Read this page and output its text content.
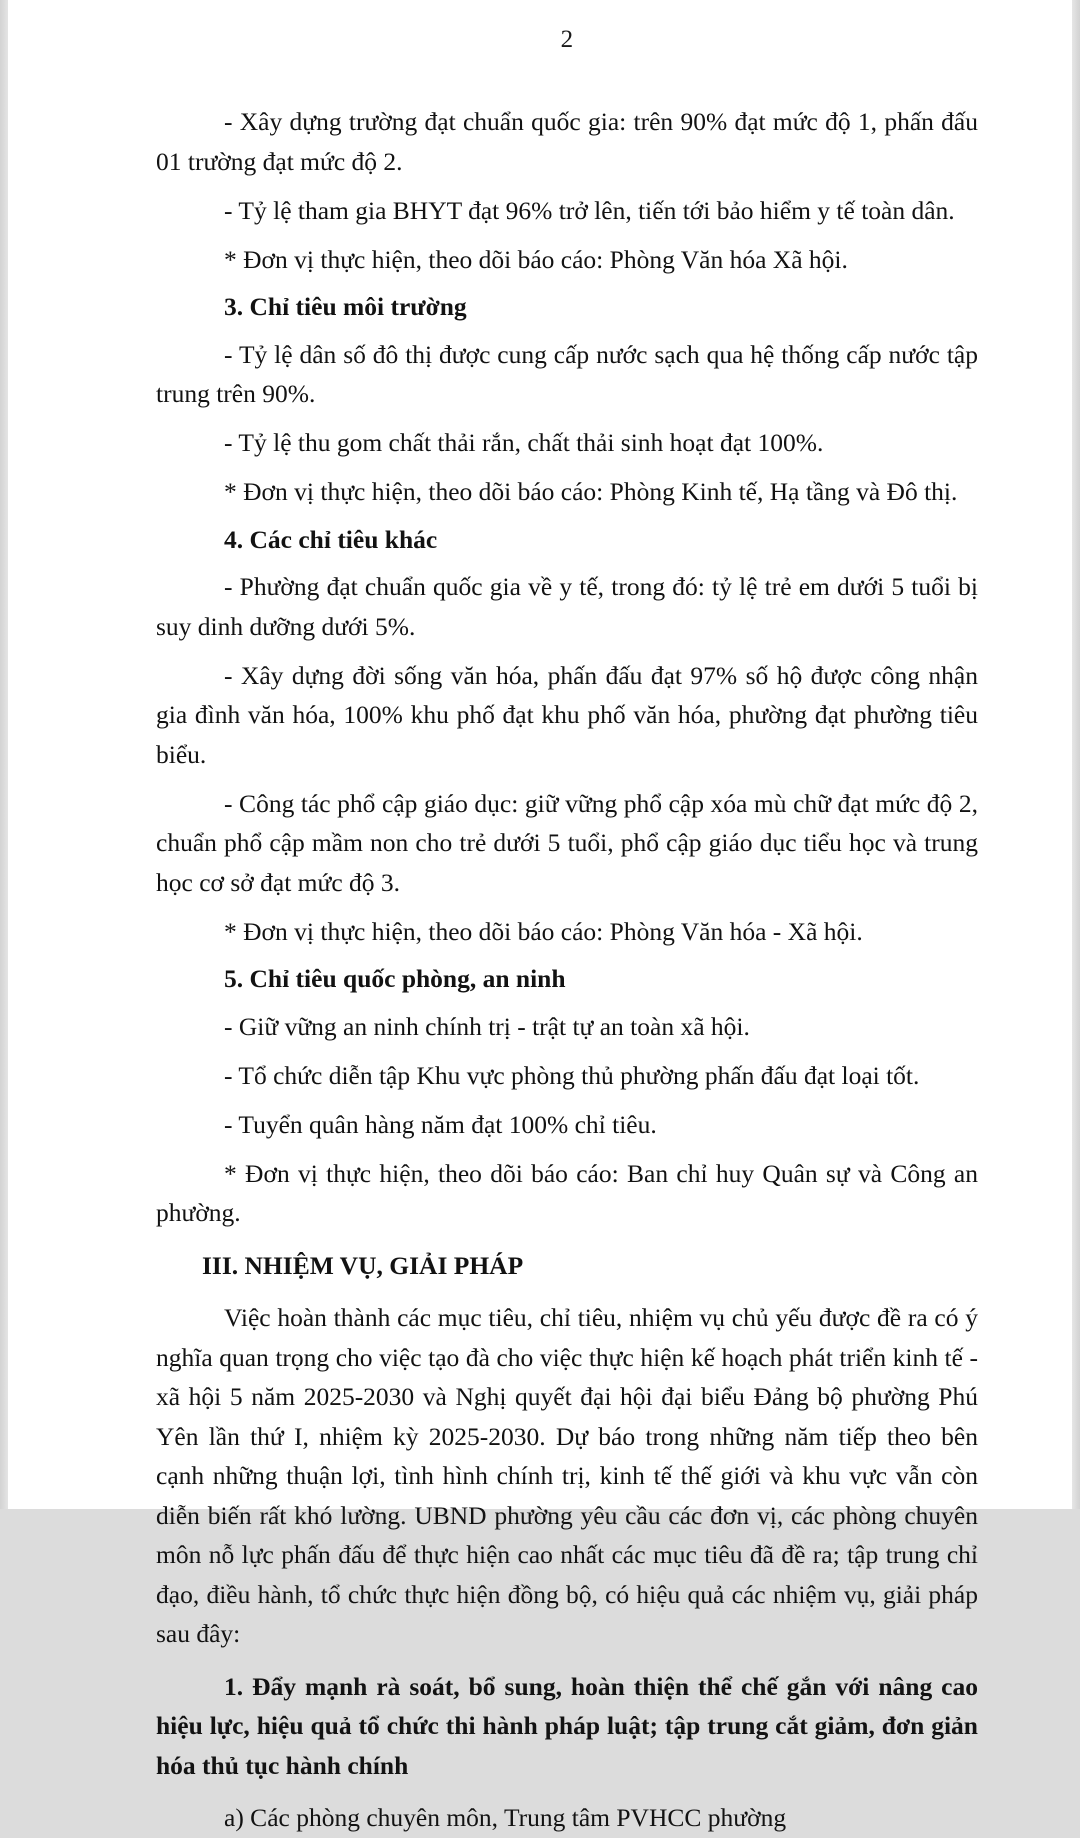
2

- Xây dựng trường đạt chuẩn quốc gia: trên 90% đạt mức độ 1, phấn đấu 01 trường đạt mức độ 2.

- Tỷ lệ tham gia BHYT đạt 96% trở lên, tiến tới bảo hiểm y tế toàn dân.

* Đơn vị thực hiện, theo dõi báo cáo: Phòng Văn hóa Xã hội.

3. Chỉ tiêu môi trường

- Tỷ lệ dân số đô thị được cung cấp nước sạch qua hệ thống cấp nước tập trung trên 90%.

- Tỷ lệ thu gom chất thải rắn, chất thải sinh hoạt đạt 100%.

* Đơn vị thực hiện, theo dõi báo cáo: Phòng Kinh tế, Hạ tầng và Đô thị.

4. Các chỉ tiêu khác

- Phường đạt chuẩn quốc gia về y tế, trong đó: tỷ lệ trẻ em dưới 5 tuổi bị suy dinh dưỡng dưới 5%.

- Xây dựng đời sống văn hóa, phấn đấu đạt 97% số hộ được công nhận gia đình văn hóa, 100% khu phố đạt khu phố văn hóa, phường đạt phường tiêu biểu.

- Công tác phổ cập giáo dục: giữ vững phổ cập xóa mù chữ đạt mức độ 2, chuẩn phổ cập mầm non cho trẻ dưới 5 tuổi, phổ cập giáo dục tiểu học và trung học cơ sở đạt mức độ 3.

* Đơn vị thực hiện, theo dõi báo cáo: Phòng Văn hóa - Xã hội.

5. Chỉ tiêu quốc phòng, an ninh

- Giữ vững an ninh chính trị - trật tự an toàn xã hội.

- Tổ chức diễn tập Khu vực phòng thủ phường phấn đấu đạt loại tốt.

- Tuyển quân hàng năm đạt 100% chỉ tiêu.

* Đơn vị thực hiện, theo dõi báo cáo: Ban chỉ huy Quân sự và Công an phường.

III. NHIỆM VỤ, GIẢI PHÁP

Việc hoàn thành các mục tiêu, chỉ tiêu, nhiệm vụ chủ yếu được đề ra có ý nghĩa quan trọng cho việc tạo đà cho việc thực hiện kế hoạch phát triển kinh tế - xã hội 5 năm 2025-2030 và Nghị quyết đại hội đại biểu Đảng bộ phường Phú Yên lần thứ I, nhiệm kỳ 2025-2030. Dự báo trong những năm tiếp theo bên cạnh những thuận lợi, tình hình chính trị, kinh tế thế giới và khu vực vẫn còn diễn biến rất khó lường. UBND phường yêu cầu các đơn vị, các phòng chuyên môn nỗ lực phấn đấu để thực hiện cao nhất các mục tiêu đã đề ra; tập trung chỉ đạo, điều hành, tổ chức thực hiện đồng bộ, có hiệu quả các nhiệm vụ, giải pháp sau đây:

1. Đẩy mạnh rà soát, bổ sung, hoàn thiện thể chế gắn với nâng cao hiệu lực, hiệu quả tổ chức thi hành pháp luật; tập trung cắt giảm, đơn giản hóa thủ tục hành chính

a) Các phòng chuyên môn, Trung tâm PVHCC phường
